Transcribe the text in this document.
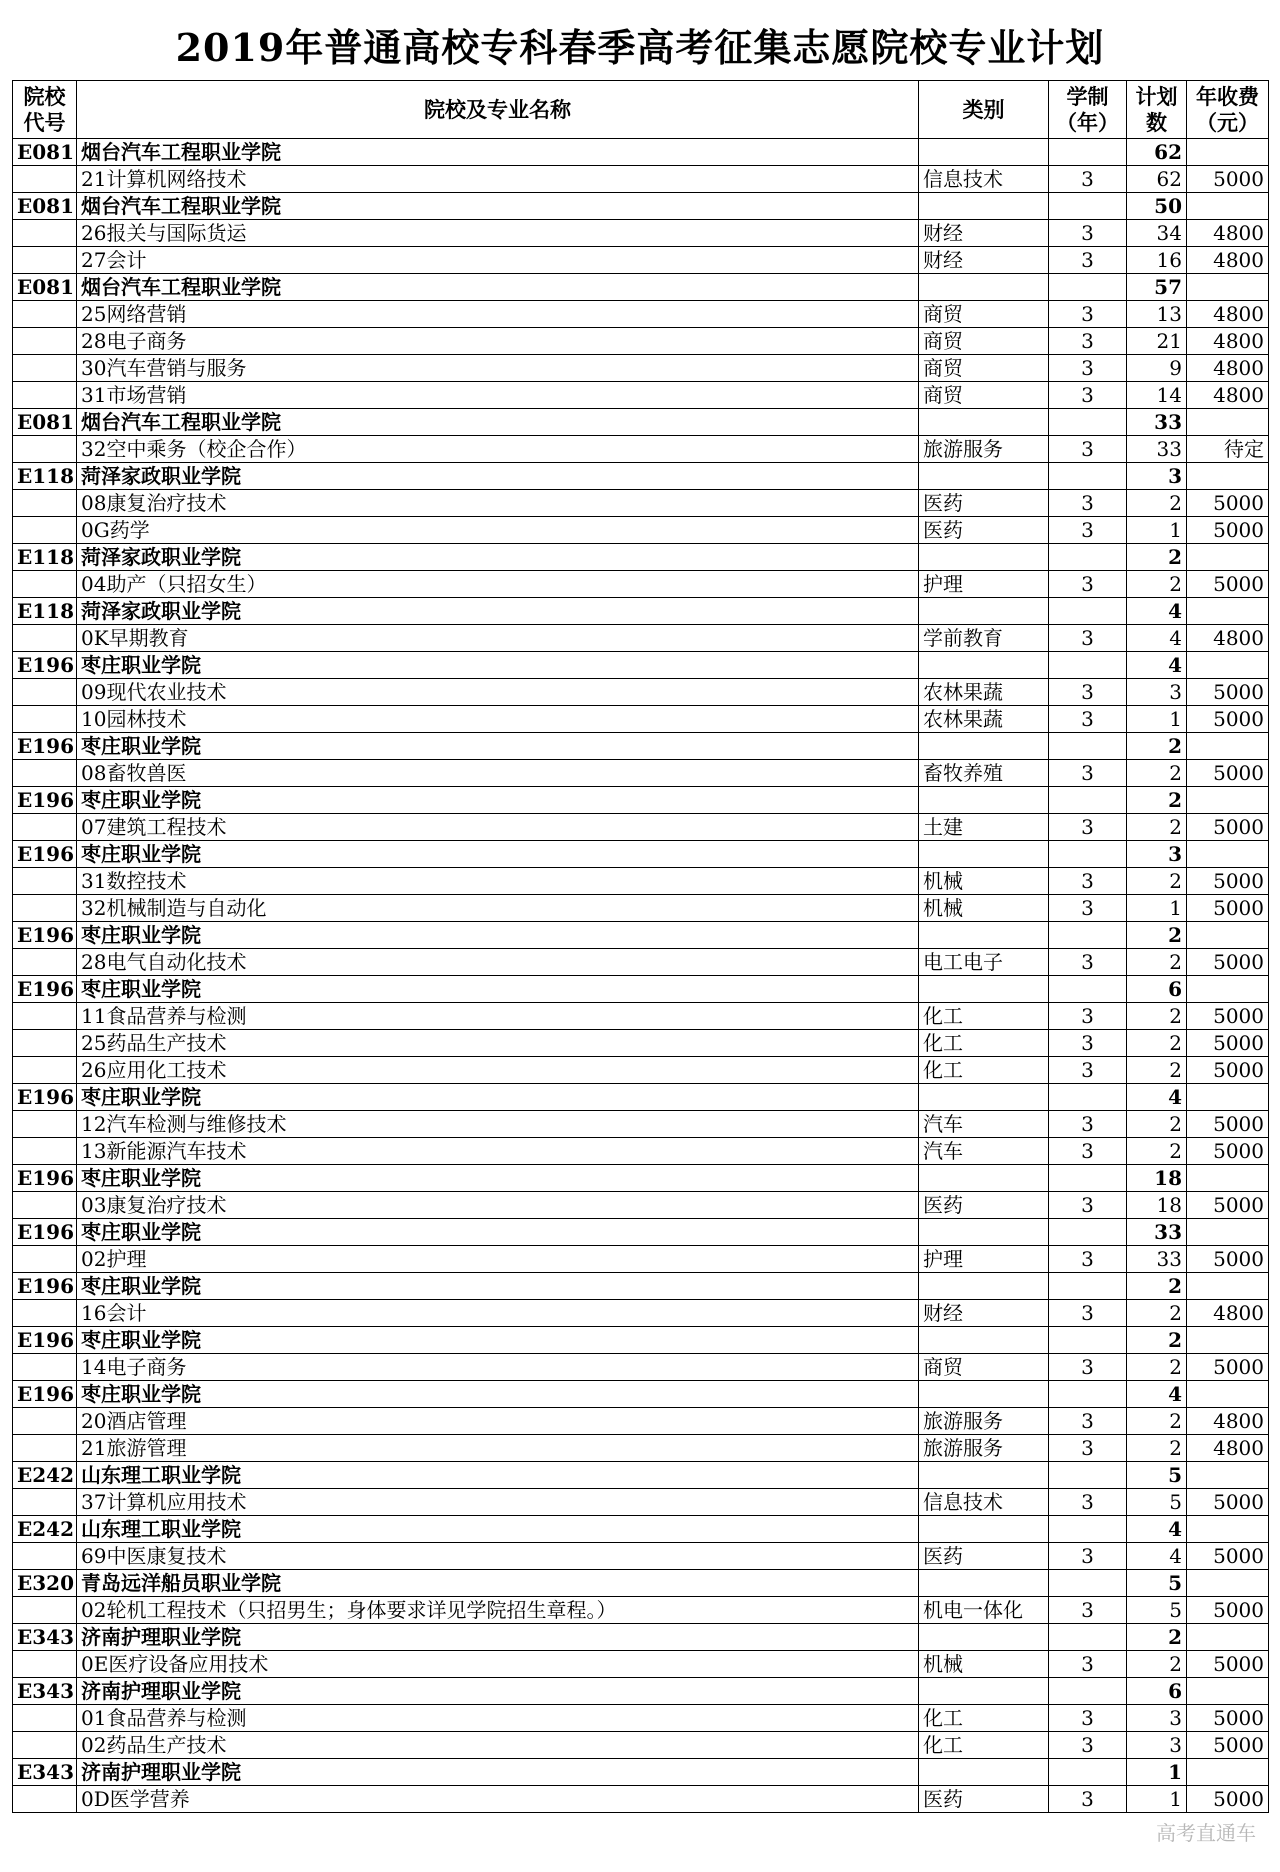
2019年普通高校专科春季高考征集志愿院校专业计划
院校代号	院校及专业名称	类别	学制（年）	计划数	年收费（元）
E081	烟台汽车工程职业学院			62	
	21计算机网络技术	信息技术	3	62	5000
E081	烟台汽车工程职业学院			50	
	26报关与国际货运	财经	3	34	4800
	27会计	财经	3	16	4800
E081	烟台汽车工程职业学院			57	
	25网络营销	商贸	3	13	4800
	28电子商务	商贸	3	21	4800
	30汽车营销与服务	商贸	3	9	4800
	31市场营销	商贸	3	14	4800
E081	烟台汽车工程职业学院			33	
	32空中乘务（校企合作）	旅游服务	3	33	待定
E118	菏泽家政职业学院			3	
	08康复治疗技术	医药	3	2	5000
	0G药学	医药	3	1	5000
E118	菏泽家政职业学院			2	
	04助产（只招女生）	护理	3	2	5000
E118	菏泽家政职业学院			4	
	0K早期教育	学前教育	3	4	4800
E196	枣庄职业学院			4	
	09现代农业技术	农林果蔬	3	3	5000
	10园林技术	农林果蔬	3	1	5000
E196	枣庄职业学院			2	
	08畜牧兽医	畜牧养殖	3	2	5000
E196	枣庄职业学院			2	
	07建筑工程技术	土建	3	2	5000
E196	枣庄职业学院			3	
	31数控技术	机械	3	2	5000
	32机械制造与自动化	机械	3	1	5000
E196	枣庄职业学院			2	
	28电气自动化技术	电工电子	3	2	5000
E196	枣庄职业学院			6	
	11食品营养与检测	化工	3	2	5000
	25药品生产技术	化工	3	2	5000
	26应用化工技术	化工	3	2	5000
E196	枣庄职业学院			4	
	12汽车检测与维修技术	汽车	3	2	5000
	13新能源汽车技术	汽车	3	2	5000
E196	枣庄职业学院			18	
	03康复治疗技术	医药	3	18	5000
E196	枣庄职业学院			33	
	02护理	护理	3	33	5000
E196	枣庄职业学院			2	
	16会计	财经	3	2	4800
E196	枣庄职业学院			2	
	14电子商务	商贸	3	2	5000
E196	枣庄职业学院			4	
	20酒店管理	旅游服务	3	2	4800
	21旅游管理	旅游服务	3	2	4800
E242	山东理工职业学院			5	
	37计算机应用技术	信息技术	3	5	5000
E242	山东理工职业学院			4	
	69中医康复技术	医药	3	4	5000
E320	青岛远洋船员职业学院			5	
	02轮机工程技术（只招男生；身体要求详见学院招生章程。）	机电一体化	3	5	5000
E343	济南护理职业学院			2	
	0E医疗设备应用技术	机械	3	2	5000
E343	济南护理职业学院			6	
	01食品营养与检测	化工	3	3	5000
	02药品生产技术	化工	3	3	5000
E343	济南护理职业学院			1	
	0D医学营养	医药	3	1	5000
高考直通车
